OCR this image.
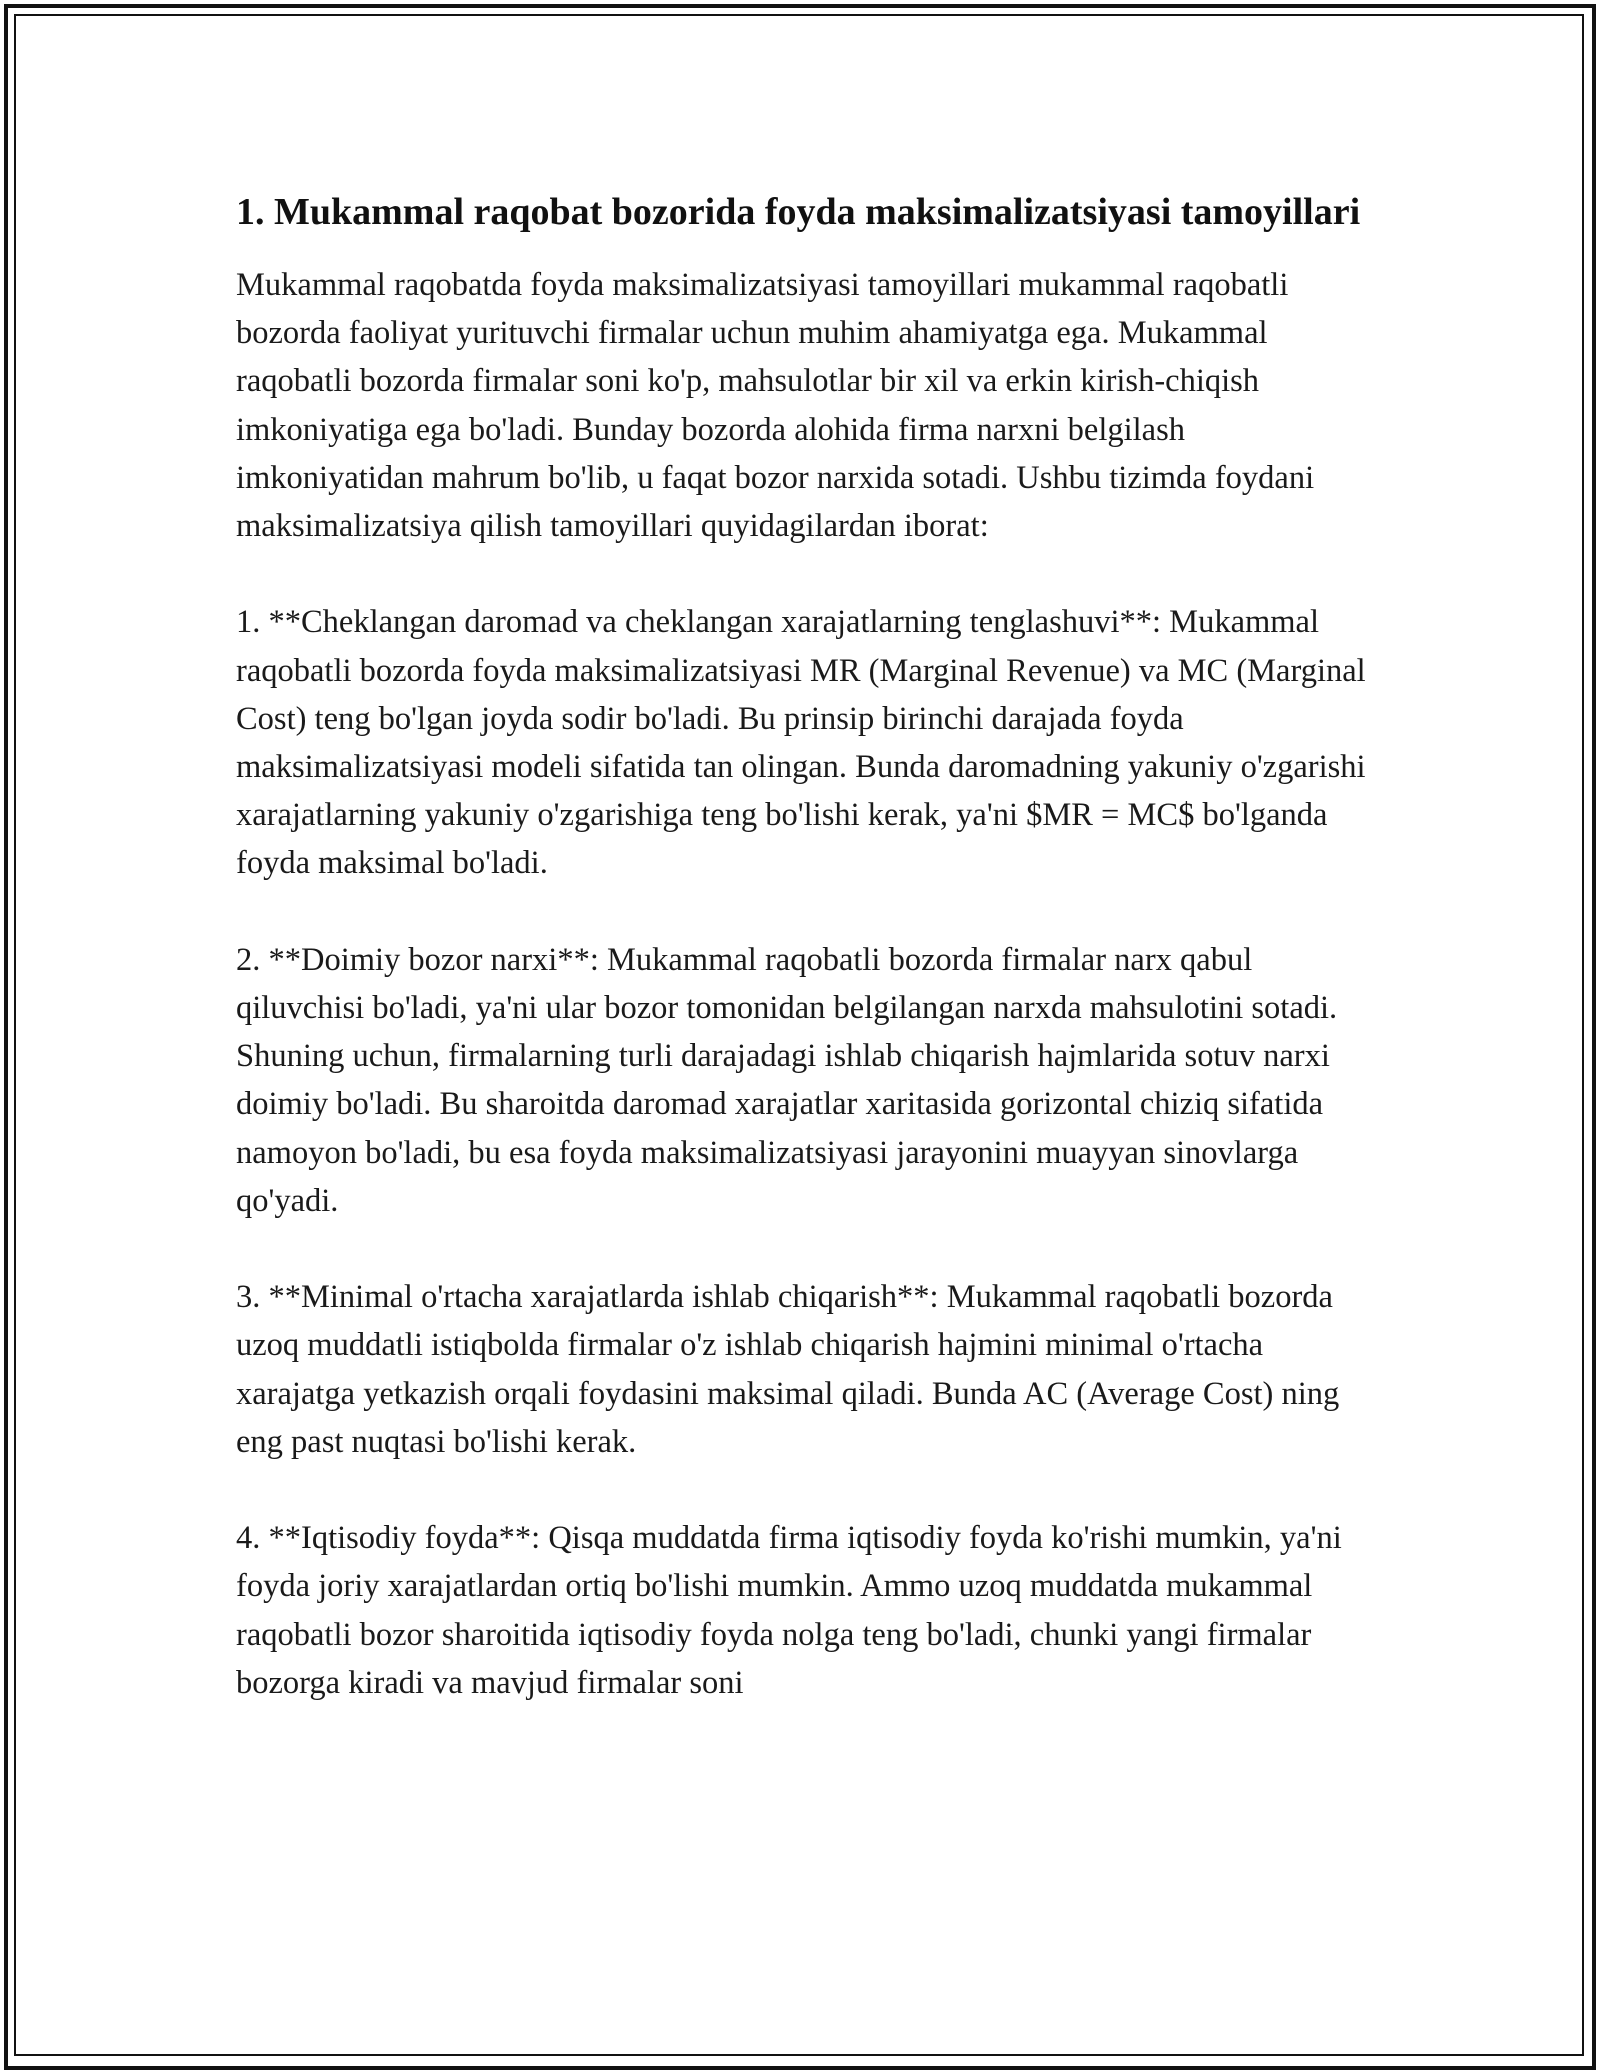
1. Mukammal raqobat bozorida foyda maksimalizatsiyasi tamoyillari

Mukammal raqobatda foyda maksimalizatsiyasi tamoyillari mukammal raqobatli bozorda faoliyat yurituvchi firmalar uchun muhim ahamiyatga ega. Mukammal raqobatli bozorda firmalar soni ko'p, mahsulotlar bir xil va erkin kirish-chiqish imkoniyatiga ega bo'ladi. Bunday bozorda alohida firma narxni belgilash imkoniyatidan mahrum bo'lib, u faqat bozor narxida sotadi. Ushbu tizimda foydani maksimalizatsiya qilish tamoyillari quyidagilardan iborat:

1. **Cheklangan daromad va cheklangan xarajatlarning tenglashuvi**: Mukammal raqobatli bozorda foyda maksimalizatsiyasi MR (Marginal Revenue) va MC (Marginal Cost) teng bo'lgan joyda sodir bo'ladi. Bu prinsip birinchi darajada foyda maksimalizatsiyasi modeli sifatida tan olingan. Bunda daromadning yakuniy o'zgarishi xarajatlarning yakuniy o'zgarishiga teng bo'lishi kerak, ya'ni $MR = MC$ bo'lganda foyda maksimal bo'ladi.

2. **Doimiy bozor narxi**: Mukammal raqobatli bozorda firmalar narx qabul qiluvchisi bo'ladi, ya'ni ular bozor tomonidan belgilangan narxda mahsulotini sotadi. Shuning uchun, firmalarning turli darajadagi ishlab chiqarish hajmlarida sotuv narxi doimiy bo'ladi. Bu sharoitda daromad xarajatlar xaritasida gorizontal chiziq sifatida namoyon bo'ladi, bu esa foyda maksimalizatsiyasi jarayonini muayyan sinovlarga qo'yadi.

3. **Minimal o'rtacha xarajatlarda ishlab chiqarish**: Mukammal raqobatli bozorda uzoq muddatli istiqbolda firmalar o'z ishlab chiqarish hajmini minimal o'rtacha xarajatga yetkazish orqali foydasini maksimal qiladi. Bunda AC (Average Cost) ning eng past nuqtasi bo'lishi kerak.

4. **Iqtisodiy foyda**: Qisqa muddatda firma iqtisodiy foyda ko'rishi mumkin, ya'ni foyda joriy xarajatlardan ortiq bo'lishi mumkin. Ammo uzoq muddatda mukammal raqobatli bozor sharoitida iqtisodiy foyda nolga teng bo'ladi, chunki yangi firmalar bozorga kiradi va mavjud firmalar soni
